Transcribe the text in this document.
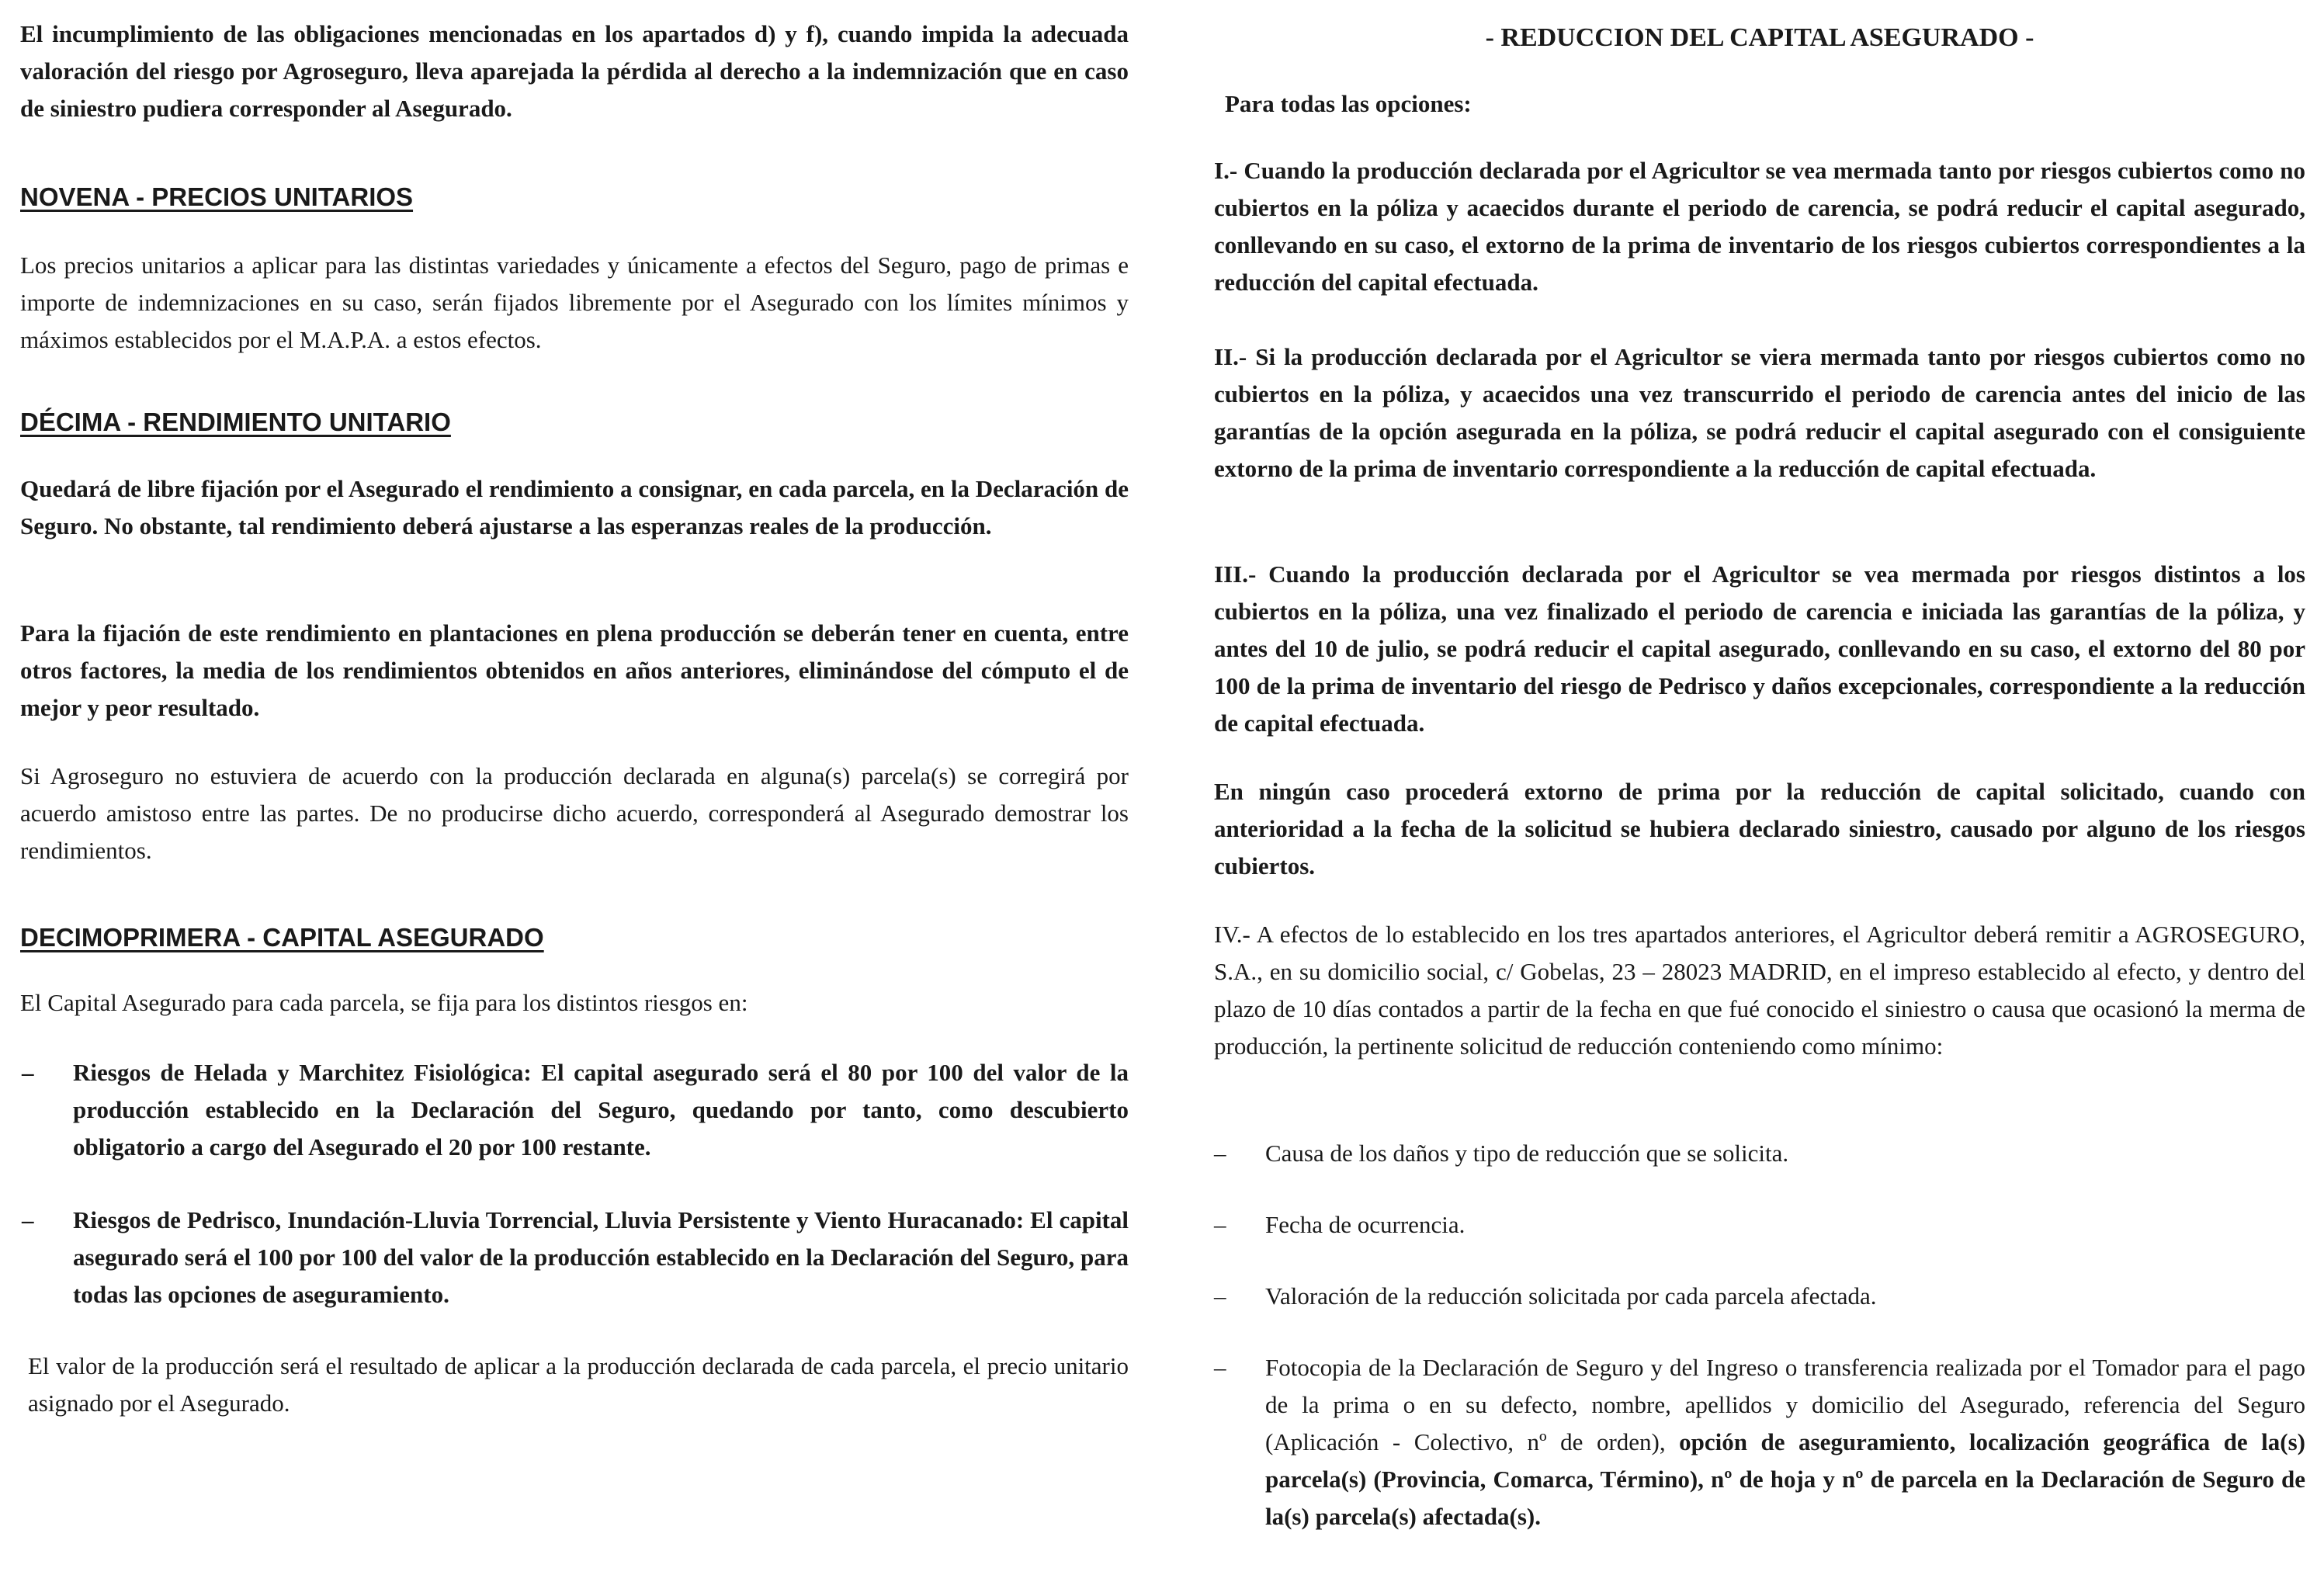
El incumplimiento de las obligaciones mencionadas en los apartados d) y f), cuando impida la adecuada valoración del riesgo por Agroseguro, lleva aparejada la pérdida al derecho a la indemnización que en caso de siniestro pudiera corresponder al Asegurado.

NOVENA - PRECIOS UNITARIOS

Los precios unitarios a aplicar para las distintas variedades y únicamente a efectos del Seguro, pago de primas e importe de indemnizaciones en su caso, serán fijados libremente por el Asegurado con los límites mínimos y máximos establecidos por el M.A.P.A. a estos efectos.

DÉCIMA - RENDIMIENTO UNITARIO

Quedará de libre fijación por el Asegurado el rendimiento a consignar, en cada parcela, en la Declaración de Seguro. No obstante, tal rendimiento deberá ajustarse a las esperanzas reales de la producción.

Para la fijación de este rendimiento en plantaciones en plena producción se deberán tener en cuenta, entre otros factores, la media de los rendimientos obtenidos en años anteriores, eliminándose del cómputo el de mejor y peor resultado.

Si Agroseguro no estuviera de acuerdo con la producción declarada en alguna(s) parcela(s) se corregirá por acuerdo amistoso entre las partes. De no producirse dicho acuerdo, corresponderá al Asegurado demostrar los rendimientos.

DECIMOPRIMERA - CAPITAL ASEGURADO

El Capital Asegurado para cada parcela, se fija para los distintos riesgos en:

– Riesgos de Helada y Marchitez Fisiológica: El capital asegurado será el 80 por 100 del valor de la producción establecido en la Declaración del Seguro, quedando por tanto, como descubierto obligatorio a cargo del Asegurado el 20 por 100 restante.

– Riesgos de Pedrisco, Inundación-Lluvia Torrencial, Lluvia Persistente y Viento Huracanado: El capital asegurado será el 100 por 100 del valor de la producción establecido en la Declaración del Seguro, para todas las opciones de aseguramiento.

El valor de la producción será el resultado de aplicar a la producción declarada de cada parcela, el precio unitario asignado por el Asegurado.

- REDUCCION DEL CAPITAL ASEGURADO -

Para todas las opciones:

I.- Cuando la producción declarada por el Agricultor se vea mermada tanto por riesgos cubiertos como no cubiertos en la póliza y acaecidos durante el periodo de carencia, se podrá reducir el capital asegurado, conllevando en su caso, el extorno de la prima de inventario de los riesgos cubiertos correspondientes a la reducción del capital efectuada.

II.- Si la producción declarada por el Agricultor se viera mermada tanto por riesgos cubiertos como no cubiertos en la póliza, y acaecidos una vez transcurrido el periodo de carencia antes del inicio de las garantías de la opción asegurada en la póliza, se podrá reducir el capital asegurado con el consiguiente extorno de la prima de inventario correspondiente a la reducción de capital efectuada.

III.- Cuando la producción declarada por el Agricultor se vea mermada por riesgos distintos a los cubiertos en la póliza, una vez finalizado el periodo de carencia e iniciada las garantías de la póliza, y antes del 10 de julio, se podrá reducir el capital asegurado, conllevando en su caso, el extorno del 80 por 100 de la prima de inventario del riesgo de Pedrisco y daños excepcionales, correspondiente a la reducción de capital efectuada.

En ningún caso procederá extorno de prima por la reducción de capital solicitado, cuando con anterioridad a la fecha de la solicitud se hubiera declarado siniestro, causado por alguno de los riesgos cubiertos.

IV.- A efectos de lo establecido en los tres apartados anteriores, el Agricultor deberá remitir a AGROSEGURO, S.A., en su domicilio social, c/ Gobelas, 23 – 28023 MADRID, en el impreso establecido al efecto, y dentro del plazo de 10 días contados a partir de la fecha en que fué conocido el siniestro o causa que ocasionó la merma de producción, la pertinente solicitud de reducción conteniendo como mínimo:

– Causa de los daños y tipo de reducción que se solicita.

– Fecha de ocurrencia.

– Valoración de la reducción solicitada por cada parcela afectada.

– Fotocopia de la Declaración de Seguro y del Ingreso o transferencia realizada por el Tomador para el pago de la prima o en su defecto, nombre, apellidos y domicilio del Asegurado, referencia del Seguro (Aplicación - Colectivo, nº de orden), opción de aseguramiento, localización geográfica de la(s) parcela(s) (Provincia, Comarca, Término), nº de hoja y nº de parcela en la Declaración de Seguro de la(s) parcela(s) afectada(s).
